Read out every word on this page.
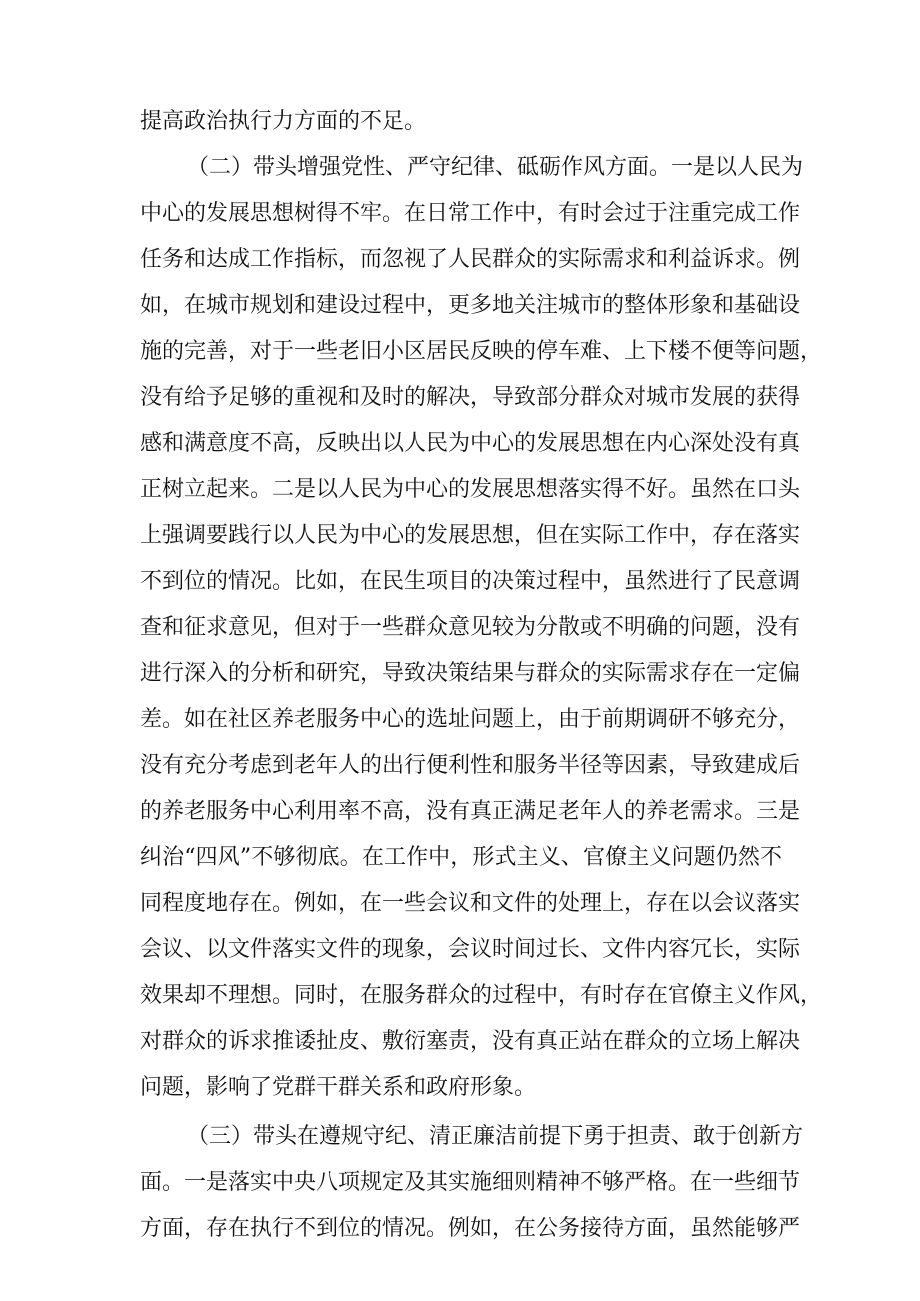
提高政治执行力方面的不足。

（二）带头增强党性、严守纪律、砥砺作风方面。一是以人民为

中心的发展思想树得不牢。在日常工作中，有时会过于注重完成工作

任务和达成工作指标，而忽视了人民群众的实际需求和利益诉求。例

如，在城市规划和建设过程中，更多地关注城市的整体形象和基础设

施的完善，对于一些老旧小区居民反映的停车难、上下楼不便等问题，

没有给予足够的重视和及时的解决，导致部分群众对城市发展的获得

感和满意度不高，反映出以人民为中心的发展思想在内心深处没有真

正树立起来。二是以人民为中心的发展思想落实得不好。虽然在口头

上强调要践行以人民为中心的发展思想，但在实际工作中，存在落实

不到位的情况。比如，在民生项目的决策过程中，虽然进行了民意调

查和征求意见，但对于一些群众意见较为分散或不明确的问题，没有

进行深入的分析和研究，导致决策结果与群众的实际需求存在一定偏

差。如在社区养老服务中心的选址问题上，由于前期调研不够充分，

没有充分考虑到老年人的出行便利性和服务半径等因素，导致建成后

的养老服务中心利用率不高，没有真正满足老年人的养老需求。三是

纠治“四风”不够彻底。在工作中，形式主义、官僚主义问题仍然不

同程度地存在。例如，在一些会议和文件的处理上，存在以会议落实

会议、以文件落实文件的现象，会议时间过长、文件内容冗长，实际

效果却不理想。同时，在服务群众的过程中，有时存在官僚主义作风，

对群众的诉求推诿扯皮、敷衍塞责，没有真正站在群众的立场上解决

问题，影响了党群干群关系和政府形象。

（三）带头在遵规守纪、清正廉洁前提下勇于担责、敢于创新方

面。一是落实中央八项规定及其实施细则精神不够严格。在一些细节

方面，存在执行不到位的情况。例如，在公务接待方面，虽然能够严
